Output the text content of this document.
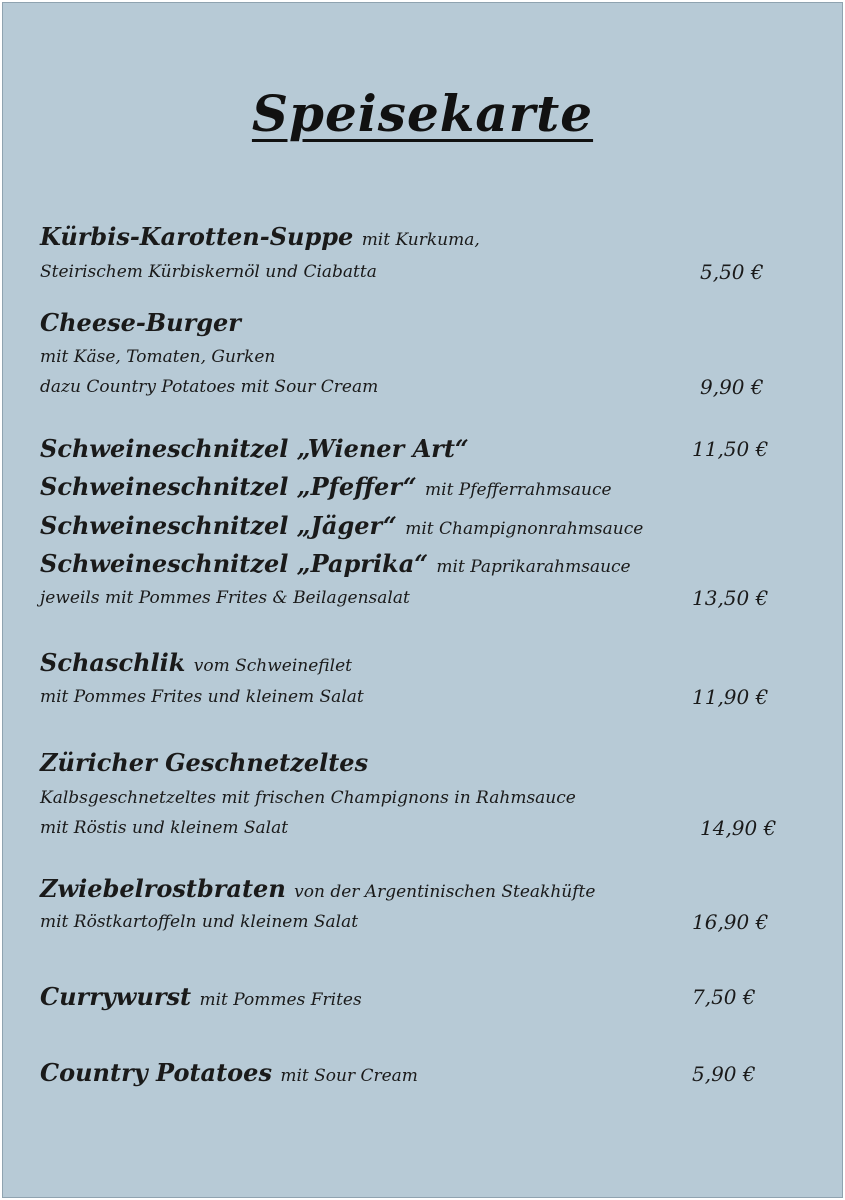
Speisekarte
Kürbis-Karotten-Suppe mit Kurkuma,
Steirischem Kürbiskernöl und Ciabatta	5,50 €
Cheese-Burger
mit Käse, Tomaten, Gurken
dazu Country Potatoes mit Sour Cream	9,90 €
Schweineschnitzel „Wiener Art“	11,50 €
Schweineschnitzel „Pfeffer“ mit Pfefferrahmsauce
Schweineschnitzel „Jäger“ mit Champignonrahmsauce
Schweineschnitzel „Paprika“ mit Paprikarahmsauce
jeweils mit Pommes Frites & Beilagensalat	13,50 €
Schaschlik vom Schweinefilet
mit Pommes Frites und kleinem Salat	11,90 €
Züricher Geschnetzeltes
Kalbsgeschnetzeltes mit frischen Champignons in Rahmsauce
mit Röstis und kleinem Salat	14,90 €
Zwiebelrostbraten von der Argentinischen Steakhüfte
mit Röstkartoffeln und kleinem Salat	16,90 €
Currywurst mit Pommes Frites	7,50 €
Country Potatoes mit Sour Cream	5,90 €
